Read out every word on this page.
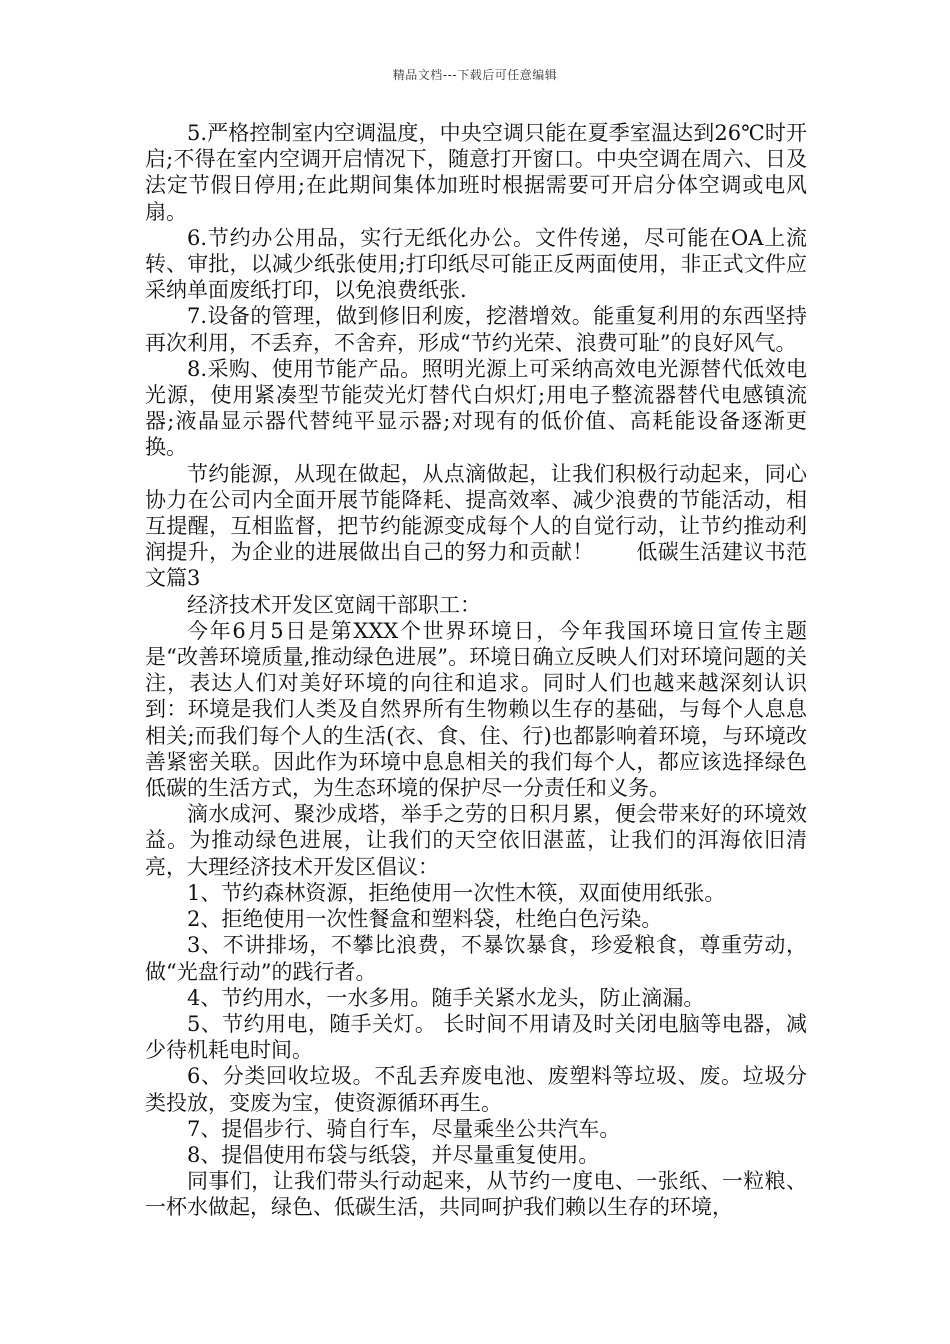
精品文档---下载后可任意编辑

5.严格控制室内空调温度，中央空调只能在夏季室温达到26℃时开启;不得在室内空调开启情况下，随意打开窗口。中央空调在周六、日及法定节假日停用;在此期间集体加班时根据需要可开启分体空调或电风扇。

6.节约办公用品，实行无纸化办公。文件传递，尽可能在OA上流转、审批，以减少纸张使用;打印纸尽可能正反两面使用，非正式文件应采纳单面废纸打印，以免浪费纸张.

7.设备的管理，做到修旧利废，挖潜增效。能重复利用的东西坚持再次利用，不丢弃，不舍弃，形成“节约光荣、浪费可耻”的良好风气。

8.采购、使用节能产品。照明光源上可采纳高效电光源替代低效电光源，使用紧凑型节能荧光灯替代白炽灯;用电子整流器替代电感镇流器;液晶显示器代替纯平显示器;对现有的低价值、高耗能设备逐渐更换。

节约能源，从现在做起，从点滴做起，让我们积极行动起来，同心协力在公司内全面开展节能降耗、提高效率、减少浪费的节能活动，相互提醒，互相监督，把节约能源变成每个人的自觉行动，让节约推动利润提升，为企业的进展做出自己的努力和贡献！　　低碳生活建议书范文篇3

经济技术开发区宽阔干部职工：

今年6月5日是第XXX个世界环境日，今年我国环境日宣传主题是“改善环境质量,推动绿色进展”。环境日确立反映人们对环境问题的关注，表达人们对美好环境的向往和追求。同时人们也越来越深刻认识到：环境是我们人类及自然界所有生物赖以生存的基础，与每个人息息相关;而我们每个人的生活(衣、食、住、行)也都影响着环境，与环境改善紧密关联。因此作为环境中息息相关的我们每个人，都应该选择绿色低碳的生活方式，为生态环境的保护尽一分责任和义务。

滴水成河、聚沙成塔，举手之劳的日积月累，便会带来好的环境效益。为推动绿色进展，让我们的天空依旧湛蓝，让我们的洱海依旧清亮，大理经济技术开发区倡议：

1、节约森林资源，拒绝使用一次性木筷，双面使用纸张。

2、拒绝使用一次性餐盒和塑料袋，杜绝白色污染。

3、不讲排场，不攀比浪费，不暴饮暴食，珍爱粮食，尊重劳动，做“光盘行动”的践行者。

4、节约用水，一水多用。随手关紧水龙头，防止滴漏。

5、节约用电，随手关灯。 长时间不用请及时关闭电脑等电器，减少待机耗电时间。

6、分类回收垃圾。不乱丢弃废电池、废塑料等垃圾、废。垃圾分类投放，变废为宝，使资源循环再生。

7、提倡步行、骑自行车，尽量乘坐公共汽车。

8、提倡使用布袋与纸袋，并尽量重复使用。

同事们，让我们带头行动起来，从节约一度电、一张纸、一粒粮、一杯水做起，绿色、低碳生活，共同呵护我们赖以生存的环境，
